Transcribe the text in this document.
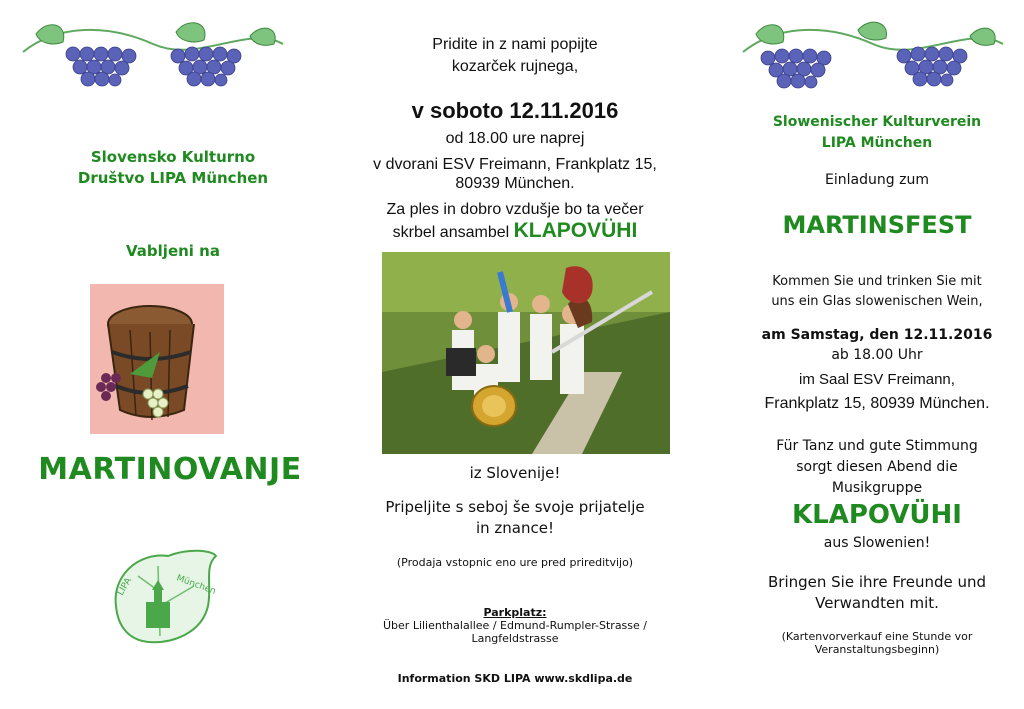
Slovensko Kulturno
Društvo LIPA München
Vabljeni na
MARTINOVANJE
München
LIPA
Pridite in z nami popijte
kozarček rujnega,
v soboto 12.11.2016
od 18.00 ure naprej
v dvorani ESV Freimann, Frankplatz 15,
80939 München.
Za ples in dobro vzdušje bo ta večer
skrbel ansambel KLAPOVÜHI
iz Slovenije!
Pripeljite s seboj še svoje prijatelje
in znance!
(Prodaja vstopnic eno ure pred prireditvijo)
Parkplatz:
Über Lilienthalallee / Edmund-Rumpler-Strasse /
Langfeldstrasse
Information SKD LIPA www.skdlipa.de
Slowenischer Kulturverein
LIPA München
Einladung zum
MARTINSFEST
Kommen Sie und trinken Sie mit
uns ein Glas slowenischen Wein,
am Samstag, den 12.11.2016
ab 18.00 Uhr
im Saal ESV Freimann,
Frankplatz 15, 80939 München.
Für Tanz und gute Stimmung
sorgt diesen Abend die
Musikgruppe
KLAPOVÜHI
aus Slowenien!
Bringen Sie ihre Freunde und
Verwandten mit.
(Kartenvorverkauf eine Stunde vor
Veranstaltungsbeginn)
